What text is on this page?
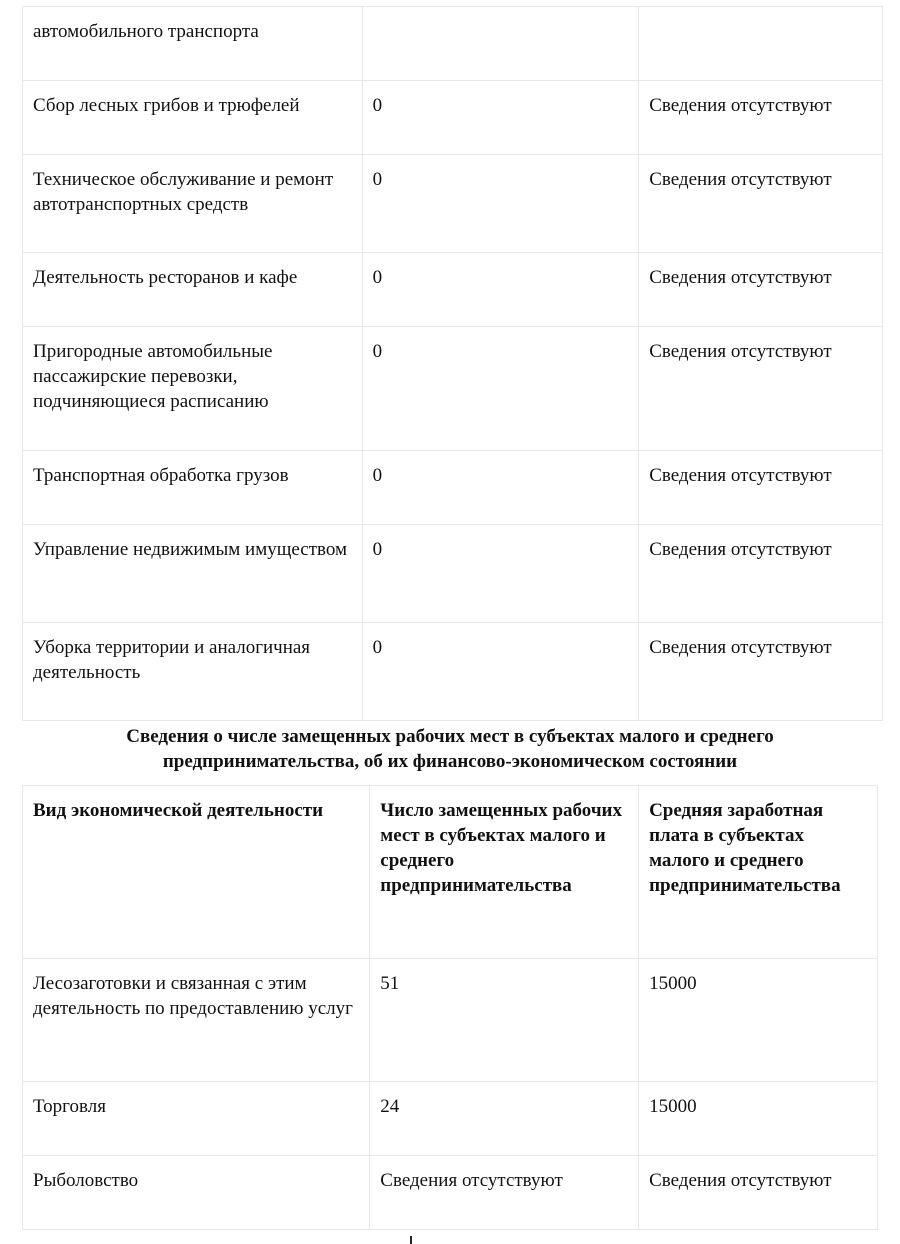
автомобильного транспорта		
Сбор лесных грибов и трюфелей	0	Сведения отсутствуют
Техническое обслуживание и ремонт автотранспортных средств	0	Сведения отсутствуют
Деятельность ресторанов и кафе	0	Сведения отсутствуют
Пригородные автомобильные пассажирские перевозки, подчиняющиеся расписанию	0	Сведения отсутствуют
Транспортная обработка грузов	0	Сведения отсутствуют
Управление недвижимым имуществом	0	Сведения отсутствуют
Уборка территории и аналогичная деятельность	0	Сведения отсутствуют
Сведения о числе замещенных рабочих мест в субъектах малого и среднего
предпринимательства, об их финансово-экономическом состоянии
Вид экономической деятельности	Число замещенных рабочих мест в субъектах малого и среднего предпринимательства	Средняя заработная плата в субъектах малого и среднего предпринимательства
Лесозаготовки и связанная с этим деятельность по предоставлению услуг	51	15000
Торговля	24	15000
Рыболовство	Сведения отсутствуют	Сведения отсутствуют
